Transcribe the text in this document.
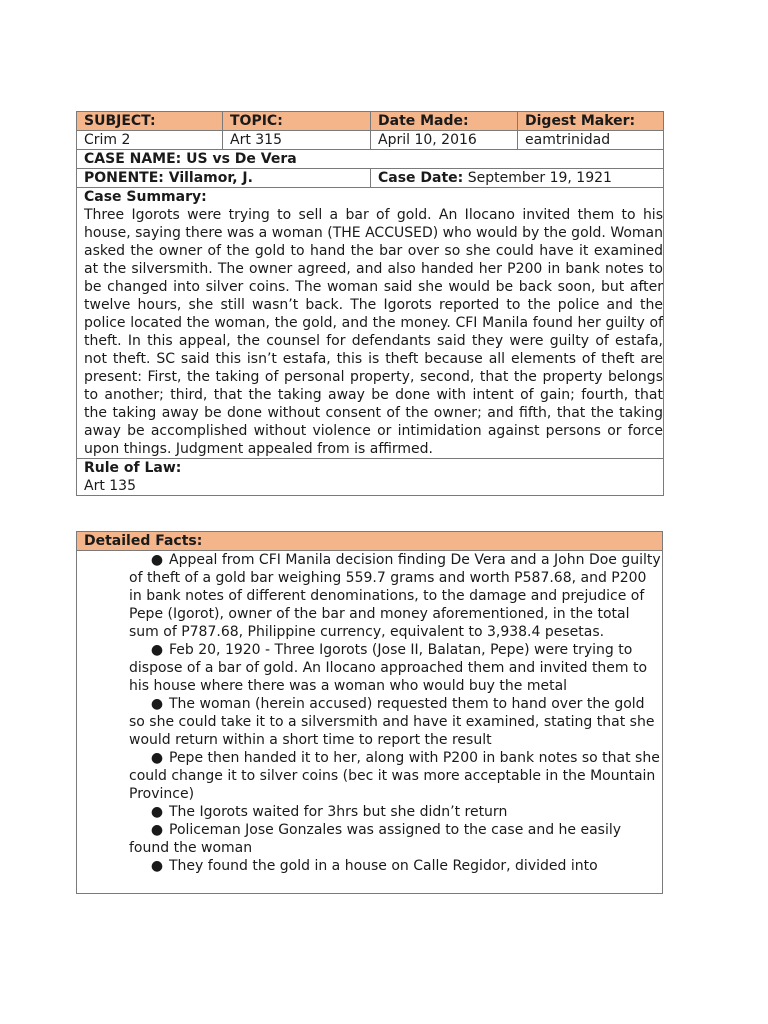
SUBJECT:	TOPIC:	Date Made:	Digest Maker:
Crim 2	Art 315	April 10, 2016	eamtrinidad
CASE NAME: US vs De Vera			
PONENTE: Villamor, J.		Case Date: September 19, 1921	

Case Summary:
Three Igorots were trying to sell a bar of gold. An Ilocano invited them to his house, saying there was a woman (THE ACCUSED) who would by the gold. Woman asked the owner of the gold to hand the bar over so she could have it examined at the silversmith. The owner agreed, and also handed her P200 in bank notes to be changed into silver coins. The woman said she would be back soon, but after twelve hours, she still wasn’t back. The Igorots reported to the police and the police located the woman, the gold, and the money. CFI Manila found her guilty of theft. In this appeal, the counsel for defendants said they were guilty of estafa, not theft. SC said this isn’t estafa, this is theft because all elements of theft are present: First, the taking of personal property, second, that the property belongs to another; third, that the taking away be done with intent of gain; fourth, that the taking away be done without consent of the owner; and fifth, that the taking away be accomplished without violence or intimidation against persons or force upon things. Judgment appealed from is affirmed.			

Rule of Law:
Art 135			
Detailed Facts:

● Appeal from CFI Manila decision finding De Vera and a John Doe guilty of theft of a gold bar weighing 559.7 grams and worth P587.68, and P200 in bank notes of different denominations, to the damage and prejudice of Pepe (Igorot), owner of the bar and money aforementioned, in the total sum of P787.68, Philippine currency, equivalent to 3,938.4 pesetas.
● Feb 20, 1920 - Three Igorots (Jose II, Balatan, Pepe) were trying to dispose of a bar of gold. An Ilocano approached them and invited them to his house where there was a woman who would buy the metal
● The woman (herein accused) requested them to hand over the gold so she could take it to a silversmith and have it examined, stating that she would return within a short time to report the result
● Pepe then handed it to her, along with P200 in bank notes so that she could change it to silver coins (bec it was more acceptable in the Mountain Province)
● The Igorots waited for 3hrs but she didn’t return
● Policeman Jose Gonzales was assigned to the case and he easily found the woman
● They found the gold in a house on Calle Regidor, divided into
